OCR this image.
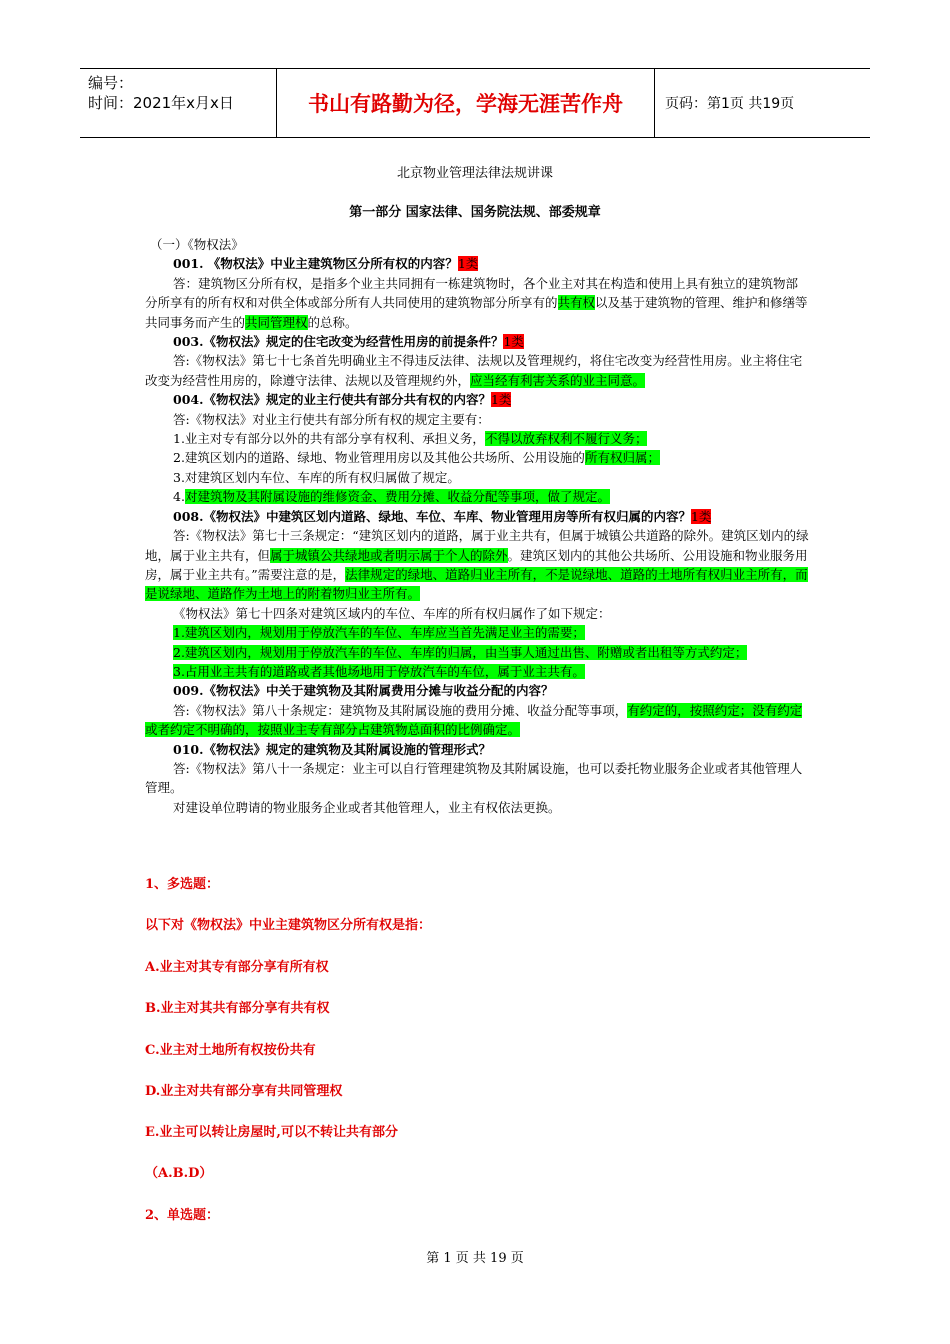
编号：
时间：2021年x月x日	书山有路勤为径，学海无涯苦作舟	页码：第1页 共19页
北京物业管理法律法规讲课
第一部分 国家法律、国务院法规、部委规章

（一）《物权法》

001. 《物权法》中业主建筑物区分所有权的内容？1类

答：建筑物区分所有权，是指多个业主共同拥有一栋建筑物时，各个业主对其在构造和使用上具有独立的建筑物部分所享有的所有权和对供全体或部分所有人共同使用的建筑物部分所享有的共有权以及基于建筑物的管理、维护和修缮等共同事务而产生的共同管理权的总称。

003.《物权法》规定的住宅改变为经营性用房的前提条件？1类

答:《物权法》第七十七条首先明确业主不得违反法律、法规以及管理规约，将住宅改变为经营性用房。业主将住宅改变为经营性用房的，除遵守法律、法规以及管理规约外，应当经有利害关系的业主同意。

004.《物权法》规定的业主行使共有部分共有权的内容？1类

答:《物权法》对业主行使共有部分所有权的规定主要有：

1.业主对专有部分以外的共有部分享有权利、承担义务，不得以放弃权利不履行义务；

2.建筑区划内的道路、绿地、物业管理用房以及其他公共场所、公用设施的所有权归属；

3.对建筑区划内车位、车库的所有权归属做了规定。

4.对建筑物及其附属设施的维修资金、费用分摊、收益分配等事项，做了规定。

008.《物权法》中建筑区划内道路、绿地、车位、车库、物业管理用房等所有权归属的内容？1类

答:《物权法》第七十三条规定：“建筑区划内的道路，属于业主共有，但属于城镇公共道路的除外。建筑区划内的绿地，属于业主共有，但属于城镇公共绿地或者明示属于个人的除外。建筑区划内的其他公共场所、公用设施和物业服务用房，属于业主共有。”需要注意的是，法律规定的绿地、道路归业主所有，不是说绿地、道路的土地所有权归业主所有，而是说绿地、道路作为土地上的附着物归业主所有。

《物权法》第七十四条对建筑区域内的车位、车库的所有权归属作了如下规定：

1.建筑区划内，规划用于停放汽车的车位、车库应当首先满足业主的需要；

2.建筑区划内，规划用于停放汽车的车位、车库的归属，由当事人通过出售、附赠或者出租等方式约定；

3.占用业主共有的道路或者其他场地用于停放汽车的车位，属于业主共有。

009.《物权法》中关于建筑物及其附属费用分摊与收益分配的内容？

答:《物权法》第八十条规定：建筑物及其附属设施的费用分摊、收益分配等事项，有约定的，按照约定；没有约定或者约定不明确的，按照业主专有部分占建筑物总面积的比例确定。

010.《物权法》规定的建筑物及其附属设施的管理形式？

答:《物权法》第八十一条规定：业主可以自行管理建筑物及其附属设施，也可以委托物业服务企业或者其他管理人管理。

对建设单位聘请的物业服务企业或者其他管理人，业主有权依法更换。

1、多选题：
以下对《物权法》中业主建筑物区分所有权是指：
A.业主对其专有部分享有所有权
B.业主对其共有部分享有共有权
C.业主对土地所有权按份共有
D.业主对共有部分享有共同管理权
E.业主可以转让房屋时,可以不转让共有部分
（A.B.D）
2、单选题：
第 1 页 共 19 页
